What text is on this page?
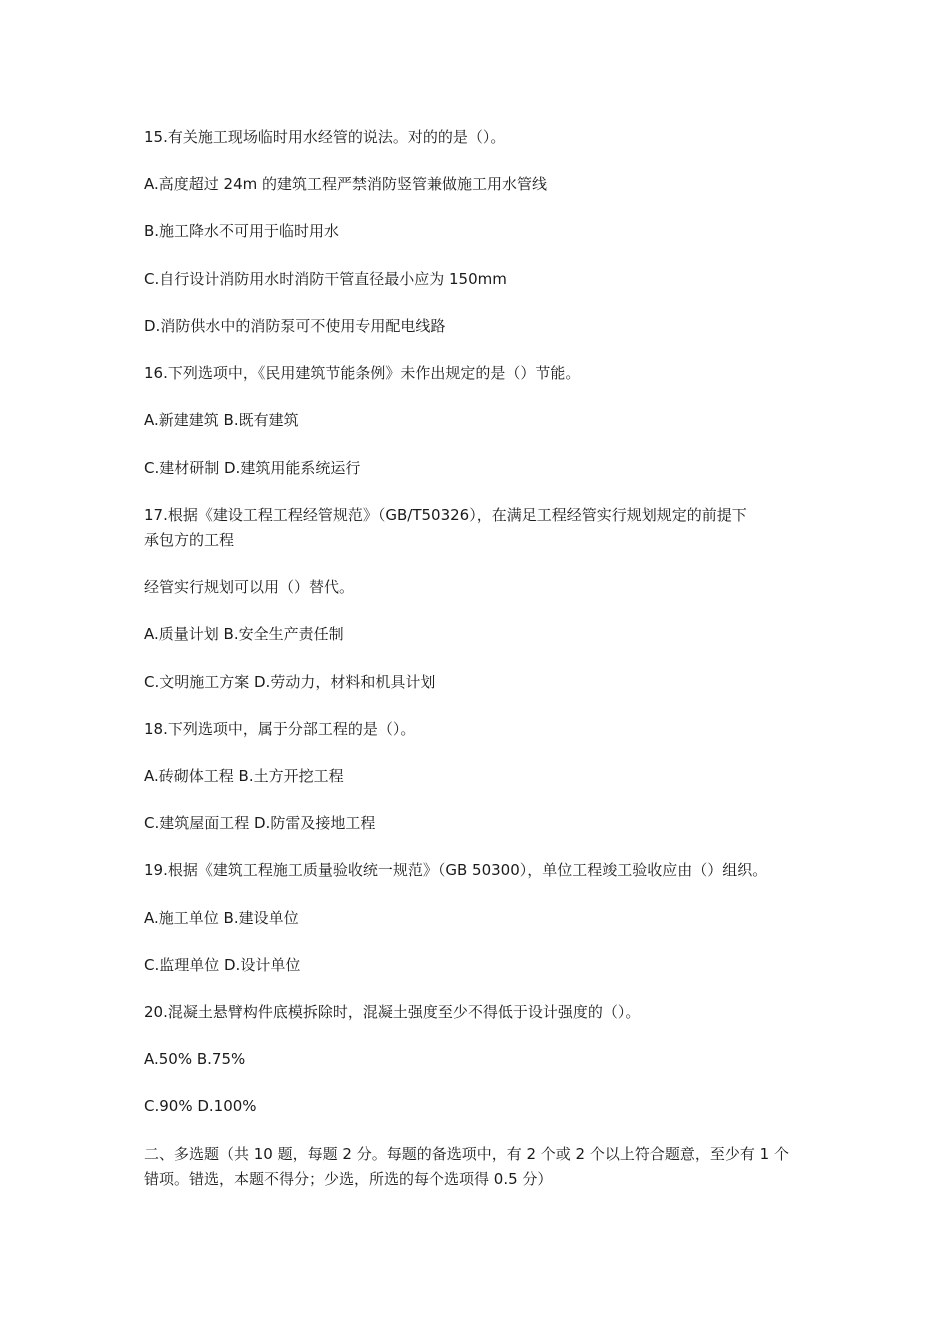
15.有关施工现场临时用水经管的说法。对的的是（）。
A.高度超过 24m 的建筑工程严禁消防竖管兼做施工用水管线
B.施工降水不可用于临时用水
C.自行设计消防用水时消防干管直径最小应为 150mm
D.消防供水中的消防泵可不使用专用配电线路
16.下列选项中，《民用建筑节能条例》未作出规定的是（）节能。
A.新建建筑 B.既有建筑
C.建材研制 D.建筑用能系统运行
17.根据《建设工程工程经管规范》（GB/T50326），在满足工程经管实行规划规定的前提下
承包方的工程
经管实行规划可以用（）替代。
A.质量计划 B.安全生产责任制
C.文明施工方案 D.劳动力，材料和机具计划
18.下列选项中，属于分部工程的是（）。
A.砖砌体工程 B.土方开挖工程
C.建筑屋面工程 D.防雷及接地工程
19.根据《建筑工程施工质量验收统一规范》（GB 50300），单位工程竣工验收应由（）组织。
A.施工单位 B.建设单位
C.监理单位 D.设计单位
20.混凝土悬臂构件底模拆除时，混凝土强度至少不得低于设计强度的（）。
A.50% B.75%
C.90% D.100%
二、多选题（共 10 题，每题 2 分。每题的备选项中，有 2 个或 2 个以上符合题意，至少有 1 个
错项。错选，本题不得分；少选，所选的每个选项得 0.5 分）
